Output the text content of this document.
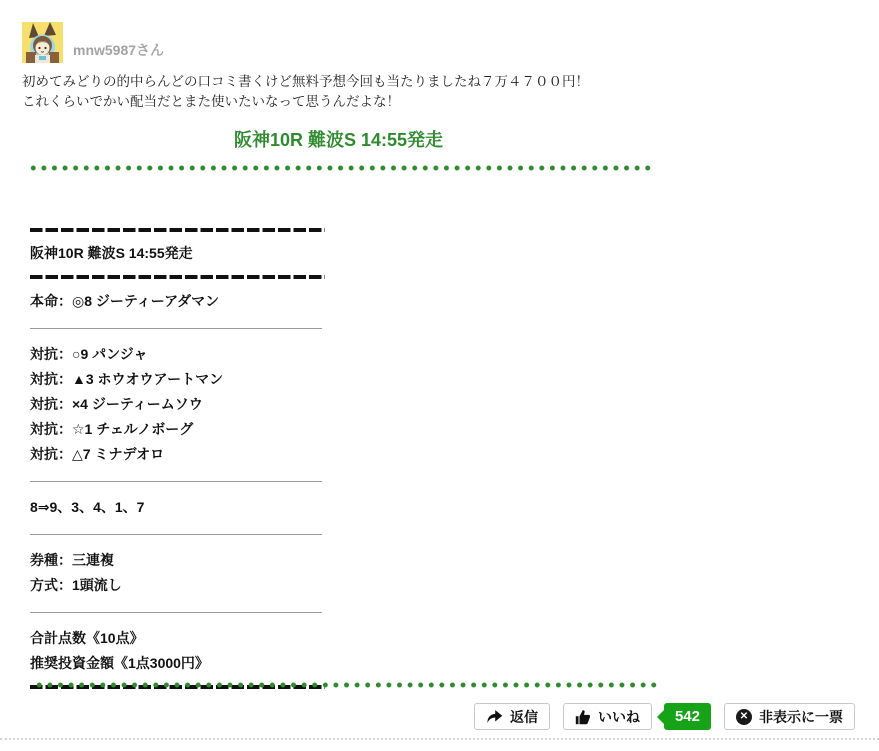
mnw5987さん
初めてみどりの的中らんどの口コミ書くけど無料予想今回も当たりましたね７万４７００円！
これくらいでかい配当だとまた使いたいなって思うんだよな！
阪神10R 難波S 14:55発走
阪神10R 難波S 14:55発走
本命：◎8 ジーティーアダマン
対抗：○9 パンジャ
対抗：▲3 ホウオウアートマン
対抗：×4 ジーティームソウ
対抗：☆1 チェルノボーグ
対抗：△7 ミナデオロ
8⇒9、3、4、1、7
券種：三連複
方式：1頭流し
合計点数《10点》
推奨投資金額《1点3000円》
返信	いいね	542	✕ 非表示に一票
